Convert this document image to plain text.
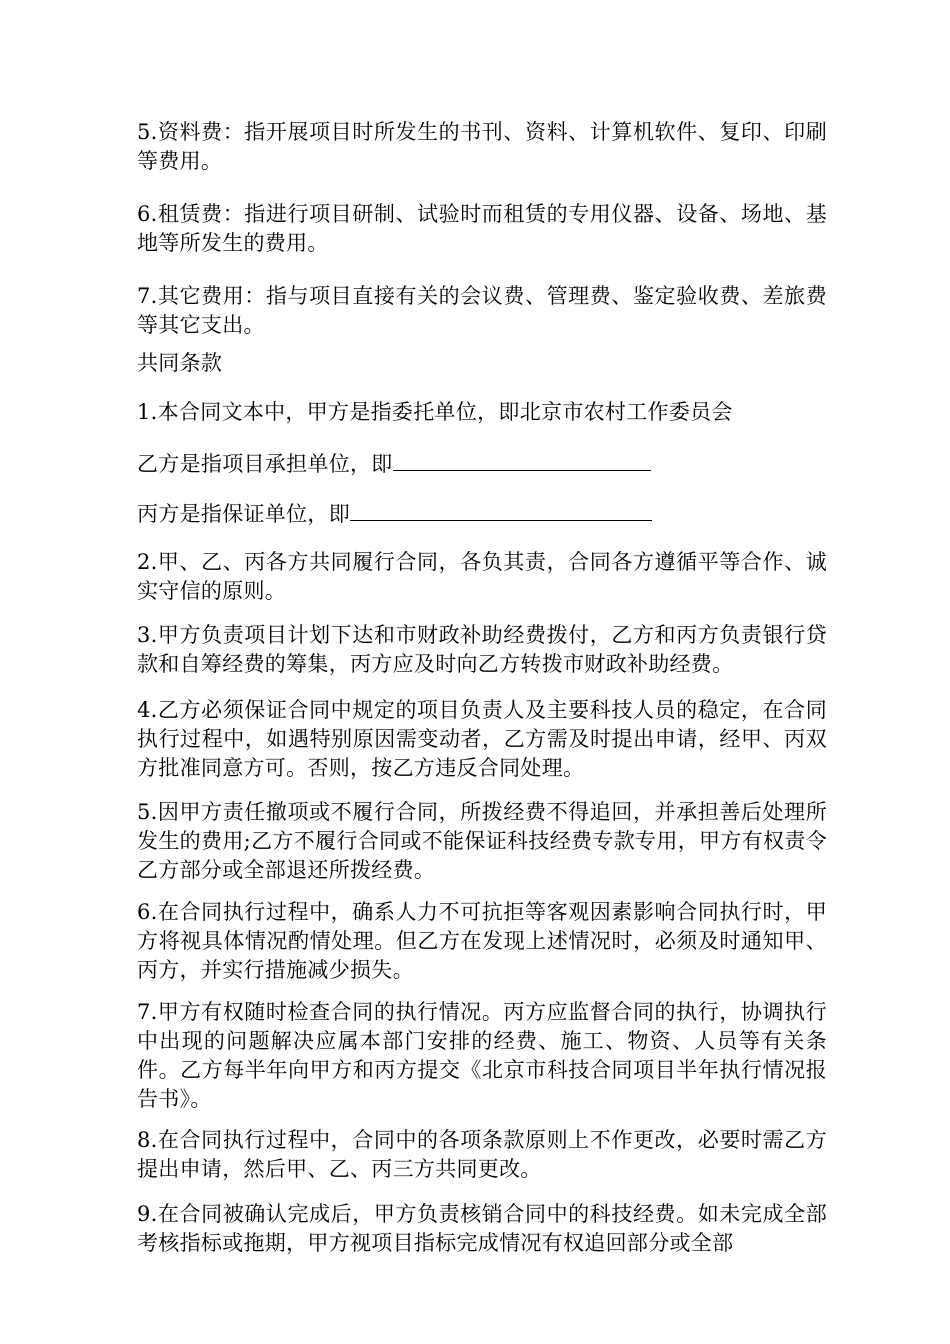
5.资料费：指开展项目时所发生的书刊、资料、计算机软件、复印、印刷等费用。

6.租赁费：指进行项目研制、试验时而租赁的专用仪器、设备、场地、基地等所发生的费用。

7.其它费用：指与项目直接有关的会议费、管理费、鉴定验收费、差旅费等其它支出。

共同条款

1.本合同文本中，甲方是指委托单位，即北京市农村工作委员会

乙方是指项目承担单位，即
丙方是指保证单位，即

2.甲、乙、丙各方共同履行合同，各负其责，合同各方遵循平等合作、诚实守信的原则。

3.甲方负责项目计划下达和市财政补助经费拨付，乙方和丙方负责银行贷款和自筹经费的筹集，丙方应及时向乙方转拨市财政补助经费。

4.乙方必须保证合同中规定的项目负责人及主要科技人员的稳定，在合同执行过程中，如遇特别原因需变动者，乙方需及时提出申请，经甲、丙双方批准同意方可。否则，按乙方违反合同处理。

5.因甲方责任撤项或不履行合同，所拨经费不得追回，并承担善后处理所发生的费用;乙方不履行合同或不能保证科技经费专款专用，甲方有权责令乙方部分或全部退还所拨经费。

6.在合同执行过程中，确系人力不可抗拒等客观因素影响合同执行时，甲方将视具体情况酌情处理。但乙方在发现上述情况时，必须及时通知甲、丙方，并实行措施减少损失。

7.甲方有权随时检查合同的执行情况。丙方应监督合同的执行，协调执行中出现的问题解决应属本部门安排的经费、施工、物资、人员等有关条件。乙方每半年向甲方和丙方提交《北京市科技合同项目半年执行情况报告书》。

8.在合同执行过程中，合同中的各项条款原则上不作更改，必要时需乙方提出申请，然后甲、乙、丙三方共同更改。

9.在合同被确认完成后，甲方负责核销合同中的科技经费。如未完成全部考核指标或拖期，甲方视项目指标完成情况有权追回部分或全部
